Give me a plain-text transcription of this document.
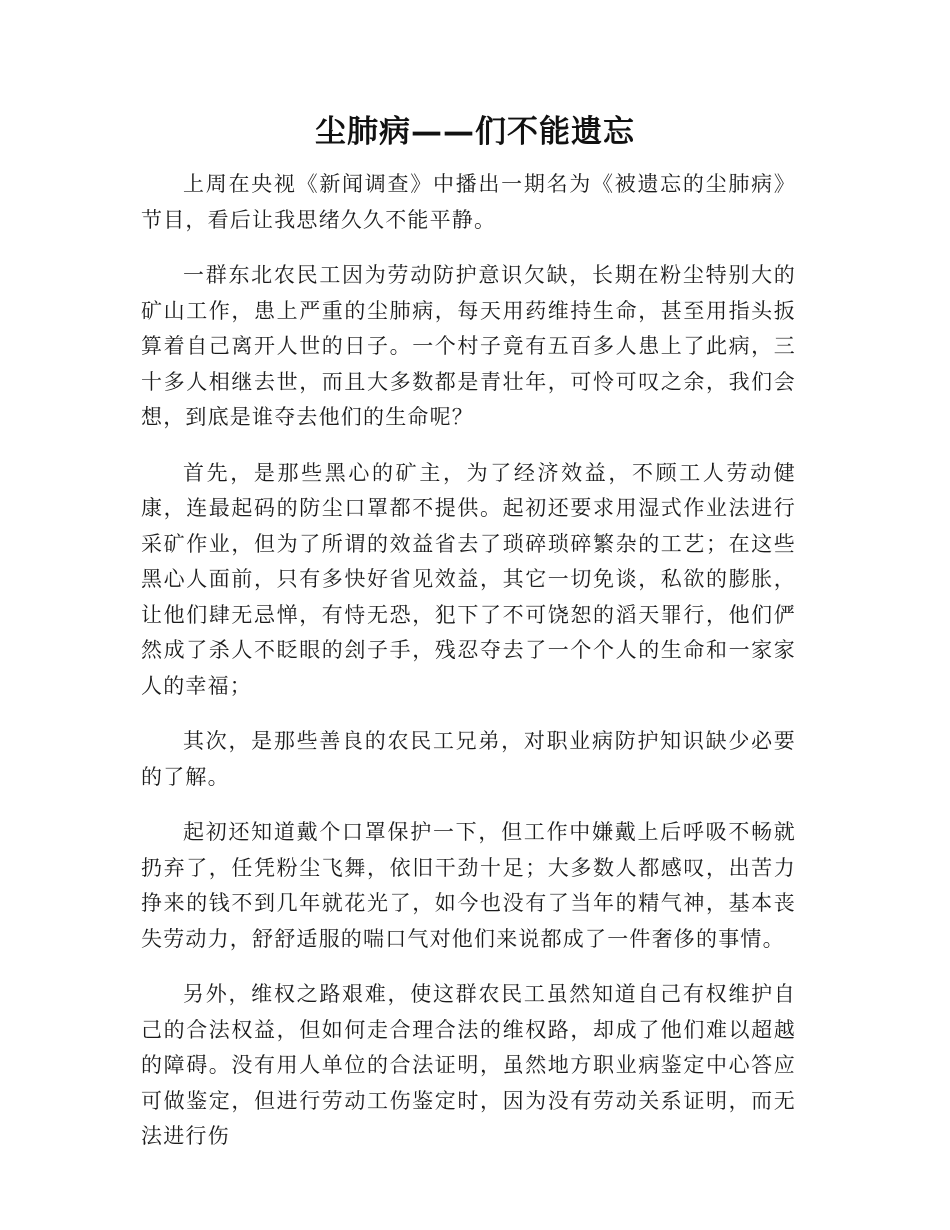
尘肺病——们不能遗忘

上周在央视《新闻调查》中播出一期名为《被遗忘的尘肺病》节目，看后让我思绪久久不能平静。

一群东北农民工因为劳动防护意识欠缺，长期在粉尘特别大的矿山工作，患上严重的尘肺病，每天用药维持生命，甚至用指头扳算着自己离开人世的日子。一个村子竟有五百多人患上了此病，三十多人相继去世，而且大多数都是青壮年，可怜可叹之余，我们会想，到底是谁夺去他们的生命呢？

首先，是那些黑心的矿主，为了经济效益，不顾工人劳动健康，连最起码的防尘口罩都不提供。起初还要求用湿式作业法进行采矿作业，但为了所谓的效益省去了琐碎琐碎繁杂的工艺；在这些黑心人面前，只有多快好省见效益，其它一切免谈，私欲的膨胀，让他们肆无忌惮，有恃无恐，犯下了不可饶恕的滔天罪行，他们俨然成了杀人不眨眼的刽子手，残忍夺去了一个个人的生命和一家家人的幸福；

其次，是那些善良的农民工兄弟，对职业病防护知识缺少必要的了解。

起初还知道戴个口罩保护一下，但工作中嫌戴上后呼吸不畅就扔弃了，任凭粉尘飞舞，依旧干劲十足；大多数人都感叹，出苦力挣来的钱不到几年就花光了，如今也没有了当年的精气神，基本丧失劳动力，舒舒适服的喘口气对他们来说都成了一件奢侈的事情。

另外，维权之路艰难，使这群农民工虽然知道自己有权维护自己的合法权益，但如何走合理合法的维权路，却成了他们难以超越的障碍。没有用人单位的合法证明，虽然地方职业病鉴定中心答应可做鉴定，但进行劳动工伤鉴定时，因为没有劳动关系证明，而无法进行伤
